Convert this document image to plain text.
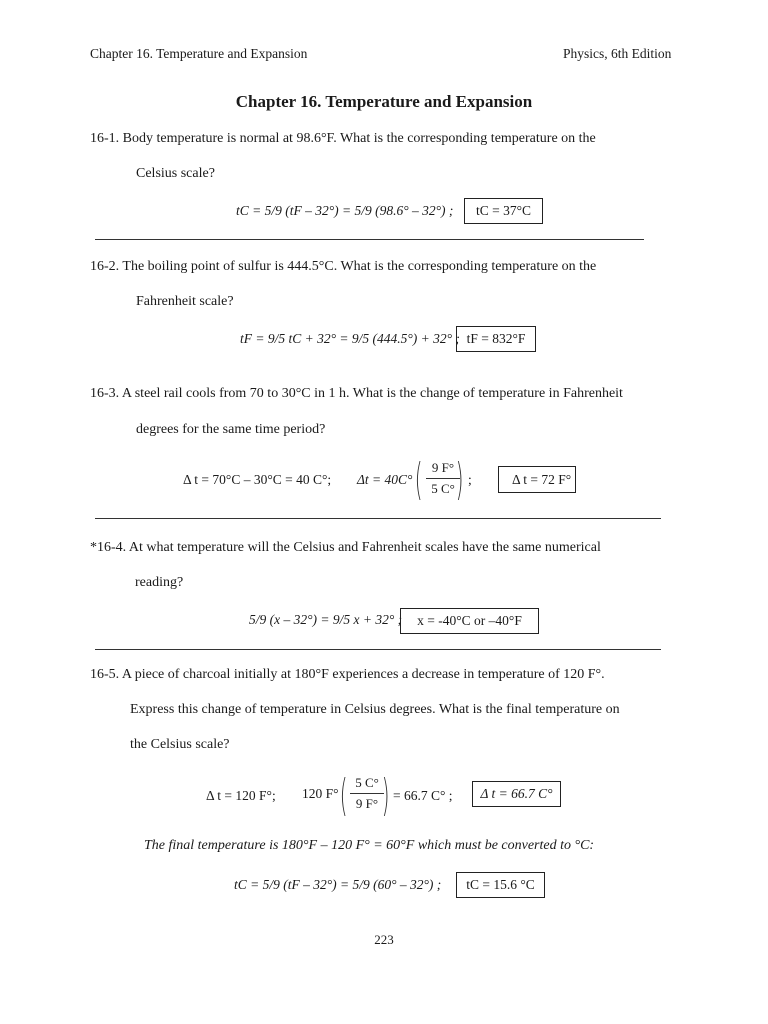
Chapter 16. Temperature and Expansion	Physics, 6th Edition
Chapter 16. Temperature and Expansion
16-1. Body temperature is normal at 98.6°F. What is the corresponding temperature on the
Celsius scale?
tC = 5/9 (tF – 32°) = 5/9 (98.6° – 32°) ; tC = 37°C
16-2. The boiling point of sulfur is 444.5°C. What is the corresponding temperature on the
Fahrenheit scale?
tF = 9/5 tC + 32° = 9/5 (444.5°) + 32° ; tF = 832°F
16-3. A steel rail cools from 70 to 30°C in 1 h. What is the change of temperature in Fahrenheit
degrees for the same time period?
Δ t = 70°C – 30°C = 40 C°; Δt = 40C° ( 9 F°
5 C° ) ;	Δ t = 72 F°
*16-4. At what temperature will the Celsius and Fahrenheit scales have the same numerical
reading?
5/9 (x – 32°) = 9/5 x + 32° ; x = -40°C or –40°F
16-5. A piece of charcoal initially at 180°F experiences a decrease in temperature of 120 F°.
Express this change of temperature in Celsius degrees. What is the final temperature on
the Celsius scale?
Δ t = 120 F°; 120 F° ( 5 C°
9 F° ) = 66.7 C° ; Δ t = 66.7 C°
The final temperature is 180°F – 120 F° = 60°F which must be converted to °C:
tC = 5/9 (tF – 32°) = 5/9 (60° – 32°) ; tC = 15.6 °C
223
